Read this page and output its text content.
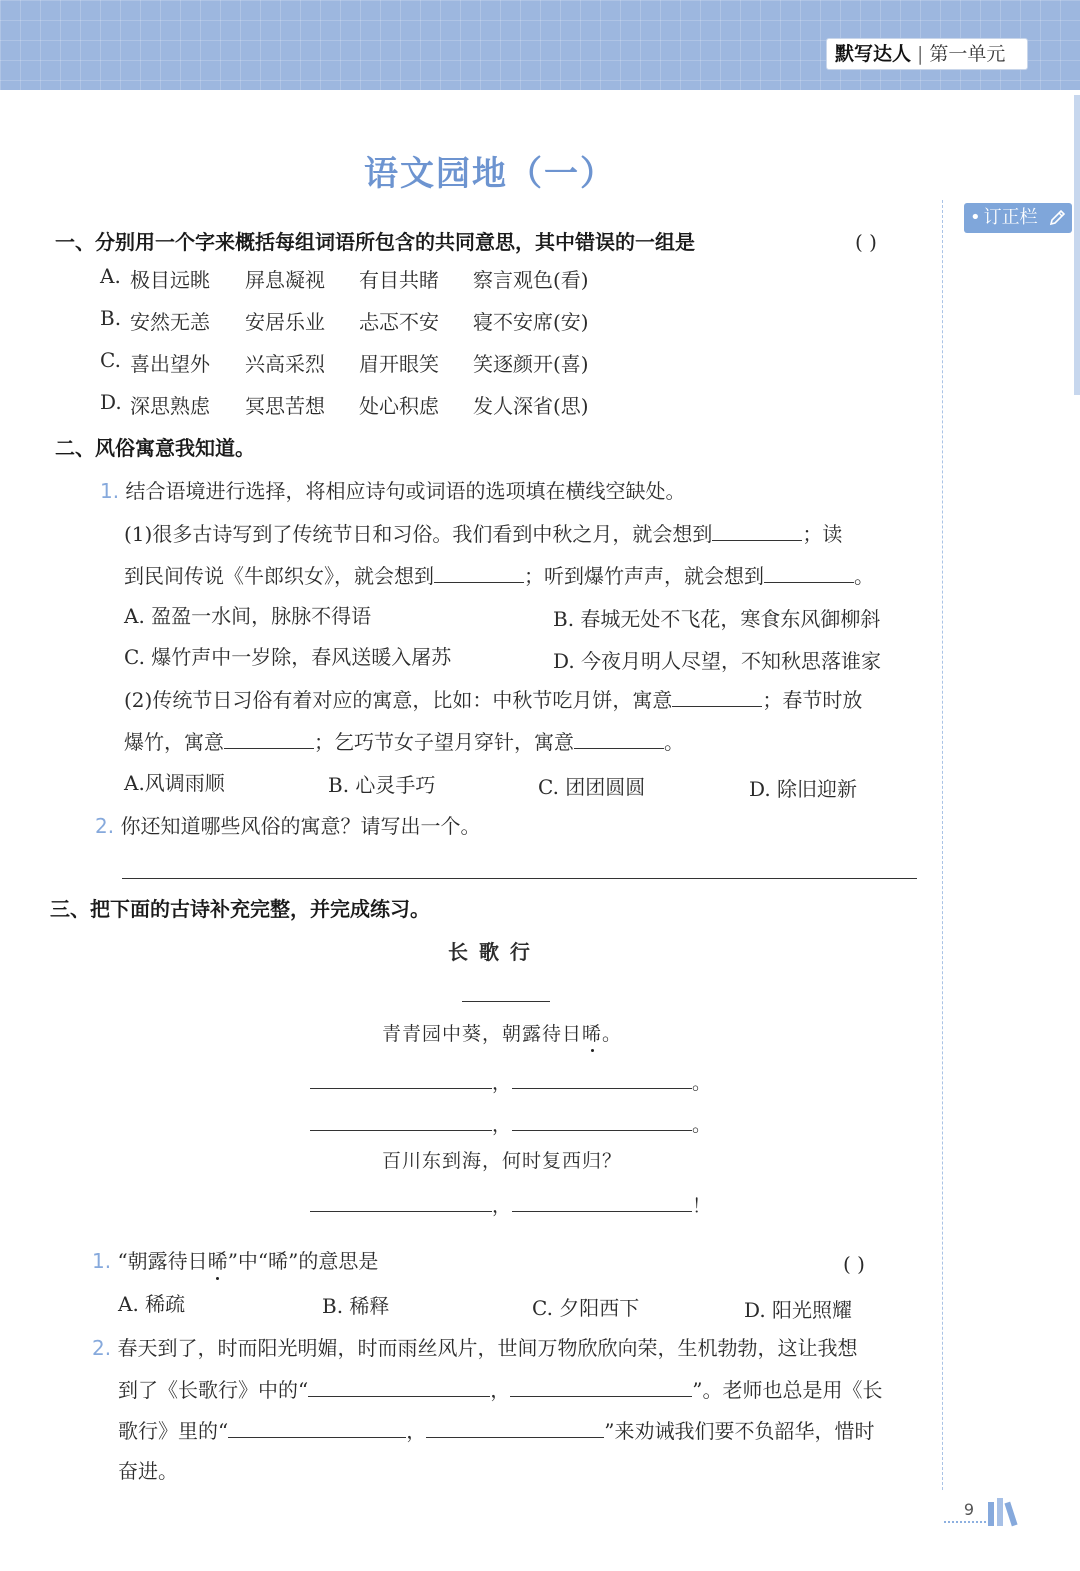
默写达人 | 第一单元
• 订正栏
语文园地（一）
一、分别用一个字来概括每组词语所包含的共同意思，其中错误的一组是	( )
A. 极目远眺 屏息凝视 有目共睹 察言观色(看)
B. 安然无恙 安居乐业 忐忑不安 寝不安席(安)
C. 喜出望外 兴高采烈 眉开眼笑 笑逐颜开(喜)
D. 深思熟虑 冥思苦想 处心积虑 发人深省(思)
二、风俗寓意我知道。
1. 结合语境进行选择，将相应诗句或词语的选项填在横线空缺处。
(1)很多古诗写到了传统节日和习俗。我们看到中秋之月，就会想到	；读
到民间传说《牛郎织女》，就会想到	；听到爆竹声声，就会想到	。
A. 盈盈一水间，脉脉不得语	B. 春城无处不飞花，寒食东风御柳斜
C. 爆竹声中一岁除，春风送暖入屠苏	D. 今夜月明人尽望，不知秋思落谁家
(2)传统节日习俗有着对应的寓意，比如：中秋节吃月饼，寓意	；春节时放
爆竹，寓意	；乞巧节女子望月穿针，寓意	。
A.风调雨顺	B. 心灵手巧	C. 团团圆圆	D. 除旧迎新
2. 你还知道哪些风俗的寓意？请写出一个。
三、把下面的古诗补充完整，并完成练习。
长 歌 行
青青园中葵，朝露待日晞。
，	。
，	。
百川东到海，何时复西归？
，	！
1. “朝露待日晞”中“晞”的意思是	( )
A. 稀疏	B. 稀释	C. 夕阳西下	D. 阳光照耀
2. 春天到了，时而阳光明媚，时而雨丝风片，世间万物欣欣向荣，生机勃勃，这让我想
到了《长歌行》中的“	，	”。老师也总是用《长
歌行》里的“	，	”来劝诫我们要不负韶华，惜时
奋进。
9
